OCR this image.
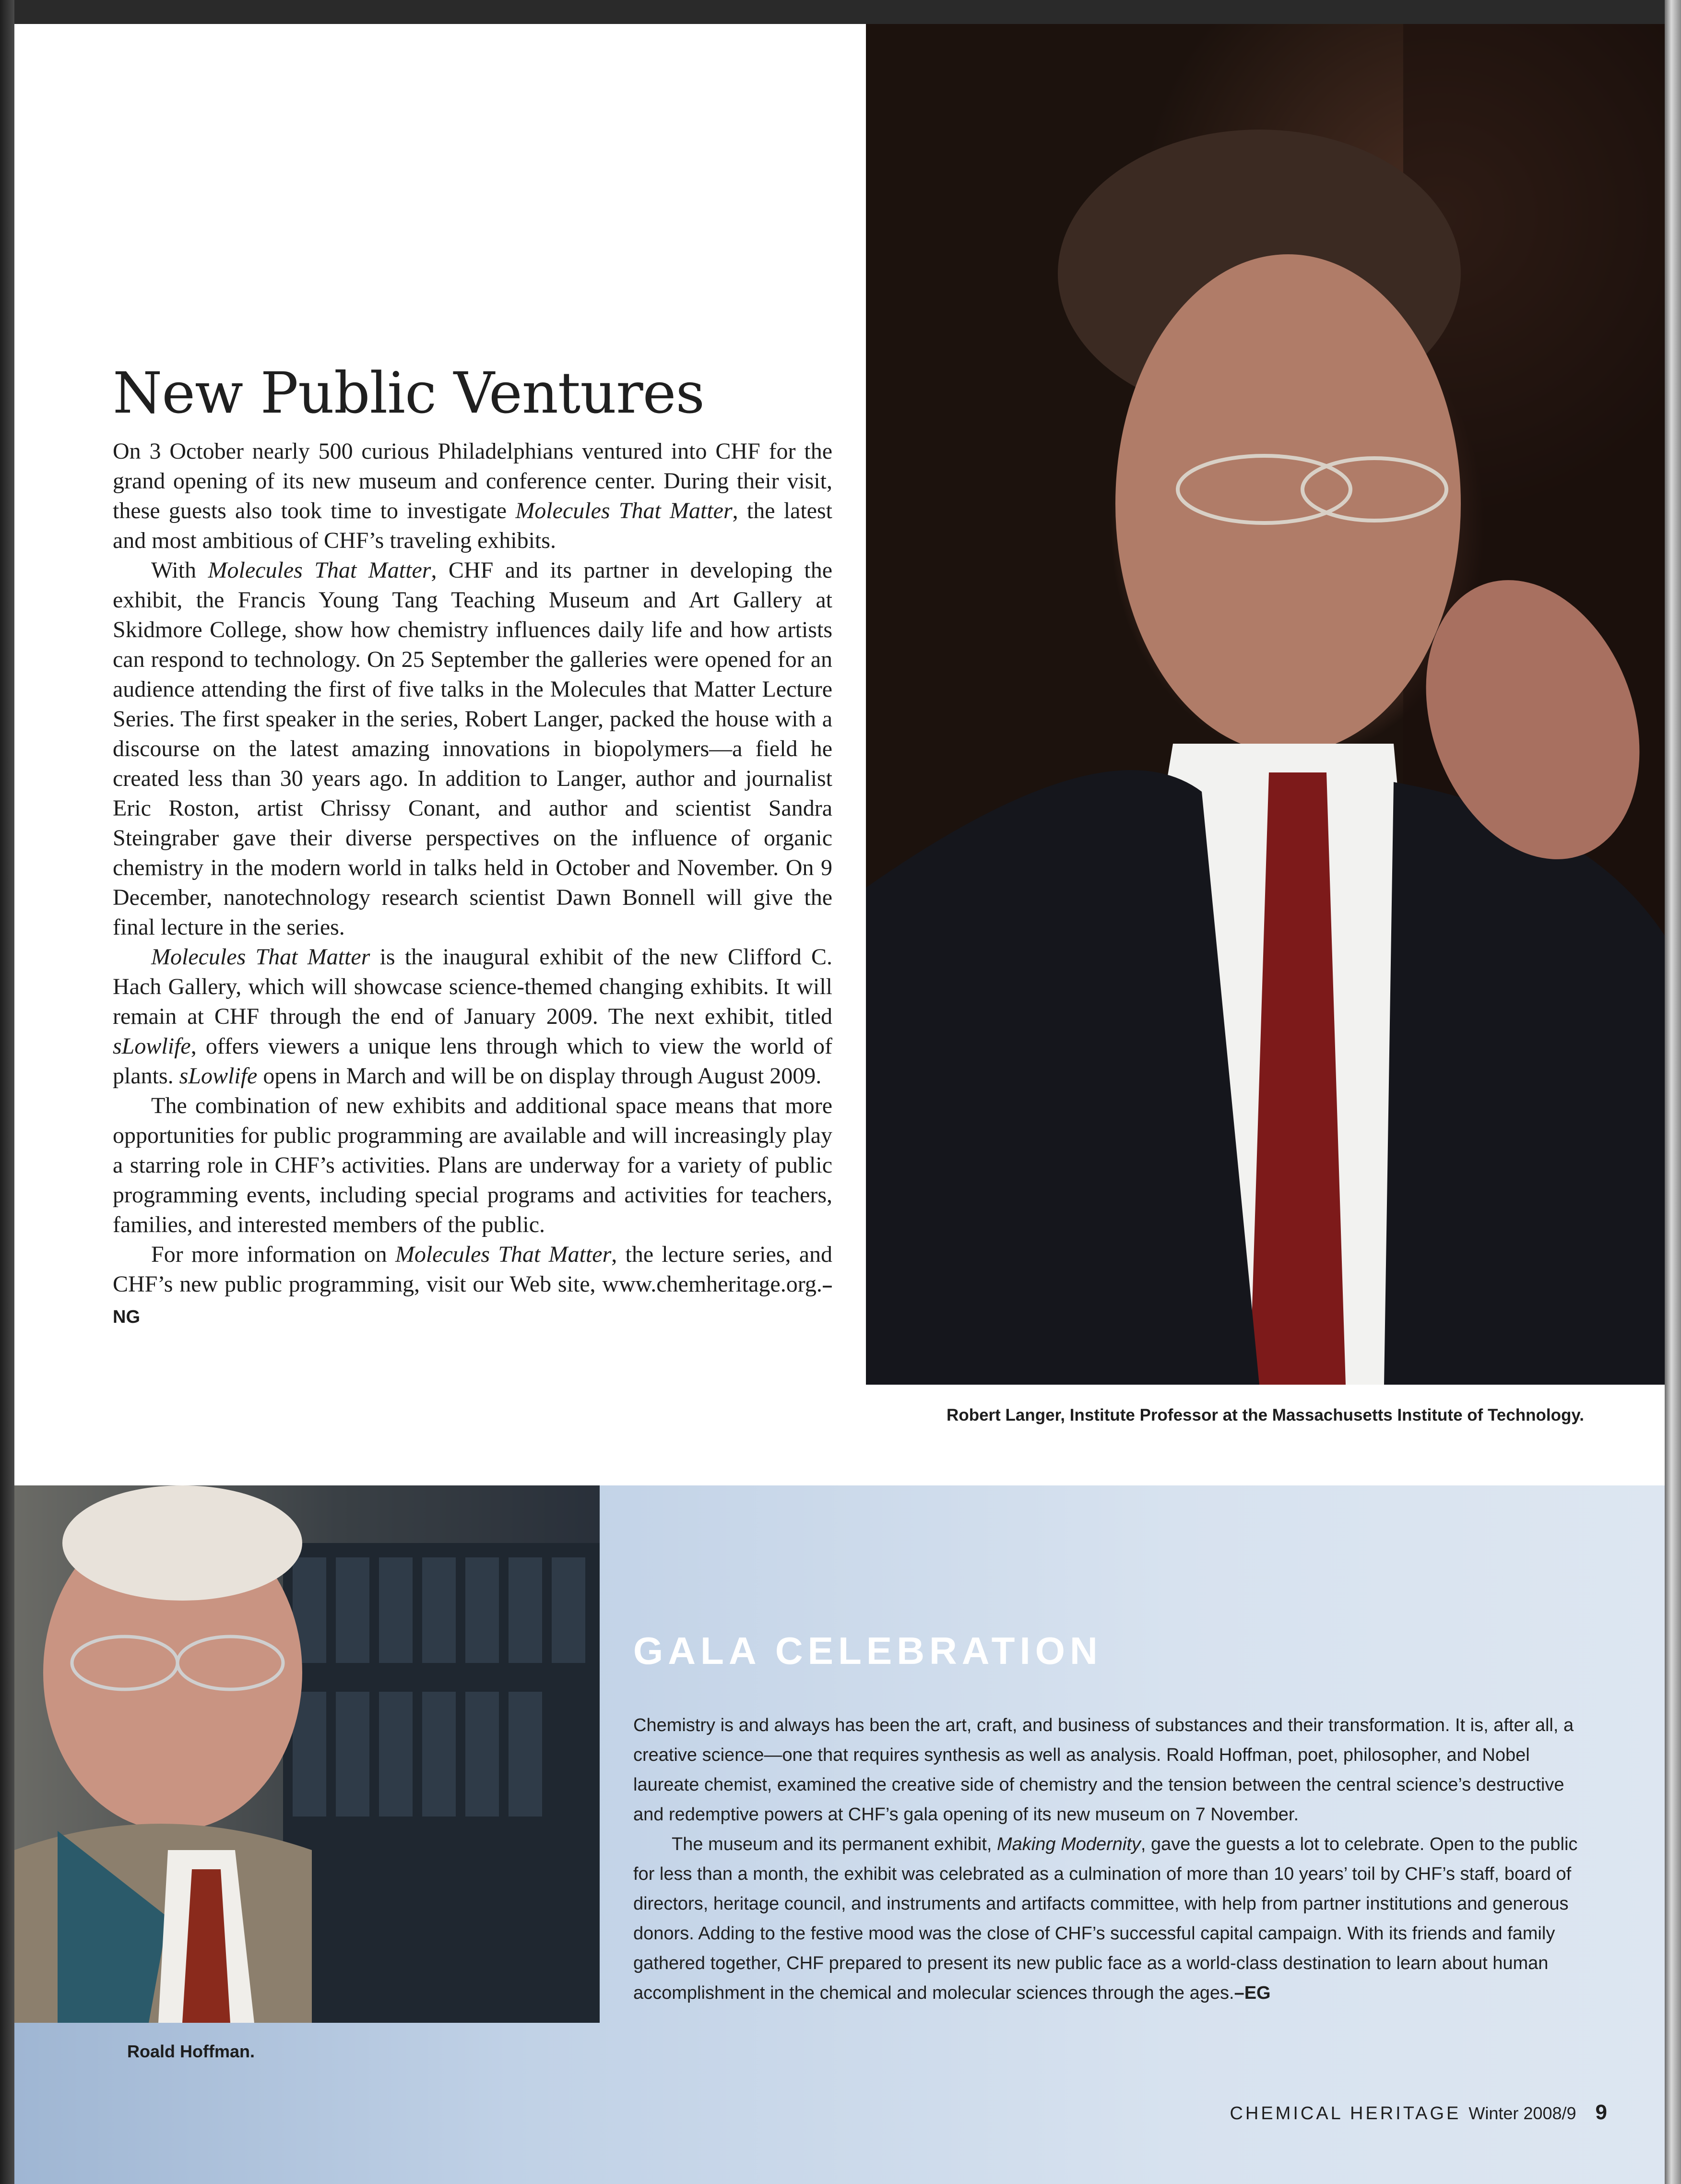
New Public Ventures

On 3 October nearly 500 curious Philadelphians ventured into CHF for the grand opening of its new museum and conference center. During their visit, these guests also took time to investigate Molecules That Matter, the latest and most ambitious of CHF’s traveling exhibits.

With Molecules That Matter, CHF and its partner in developing the exhibit, the Francis Young Tang Teaching Museum and Art Gallery at Skidmore College, show how chemistry influences daily life and how artists can respond to technology. On 25 September the galleries were opened for an audience attending the first of five talks in the Molecules that Matter Lecture Series. The first speaker in the series, Robert Langer, packed the house with a discourse on the latest amazing innovations in biopolymers—a field he created less than 30 years ago. In addition to Langer, author and journalist Eric Roston, artist Chrissy Conant, and author and scientist Sandra Steingraber gave their diverse perspectives on the influence of organic chemistry in the modern world in talks held in October and November. On 9 December, nanotechnology research scientist Dawn Bonnell will give the final lecture in the series.

Molecules That Matter is the inaugural exhibit of the new Clifford C. Hach Gallery, which will showcase science-themed changing exhibits. It will remain at CHF through the end of January 2009. The next exhibit, titled sLowlife, offers viewers a unique lens through which to view the world of plants. sLowlife opens in March and will be on display through August 2009.

The combination of new exhibits and additional space means that more opportunities for public programming are available and will increasingly play a starring role in CHF’s activities. Plans are underway for a variety of public programming events, including special programs and activities for teachers, families, and interested members of the public.

For more information on Molecules That Matter, the lecture series, and CHF’s new public programming, visit our Web site, www.chemheritage.org.–NG

Robert Langer, Institute Professor at the Massachusetts Institute of Technology.
Roald Hoffman.
GALA CELEBRATION

Chemistry is and always has been the art, craft, and business of substances and their transformation. It is, after all, a creative science—one that requires synthesis as well as analysis. Roald Hoffman, poet, philosopher, and Nobel laureate chemist, examined the creative side of chemistry and the tension between the central science’s destructive and redemptive powers at CHF’s gala opening of its new museum on 7 November.

The museum and its permanent exhibit, Making Modernity, gave the guests a lot to celebrate. Open to the public for less than a month, the exhibit was celebrated as a culmination of more than 10 years’ toil by CHF’s staff, board of directors, heritage council, and instruments and artifacts committee, with help from partner institutions and generous donors. Adding to the festive mood was the close of CHF’s successful capital campaign. With its friends and family gathered together, CHF prepared to present its new public face as a world-class destination to learn about human accomplishment in the chemical and molecular sciences through the ages.–EG

CHEMICAL HERITAGE Winter 2008/9 9
